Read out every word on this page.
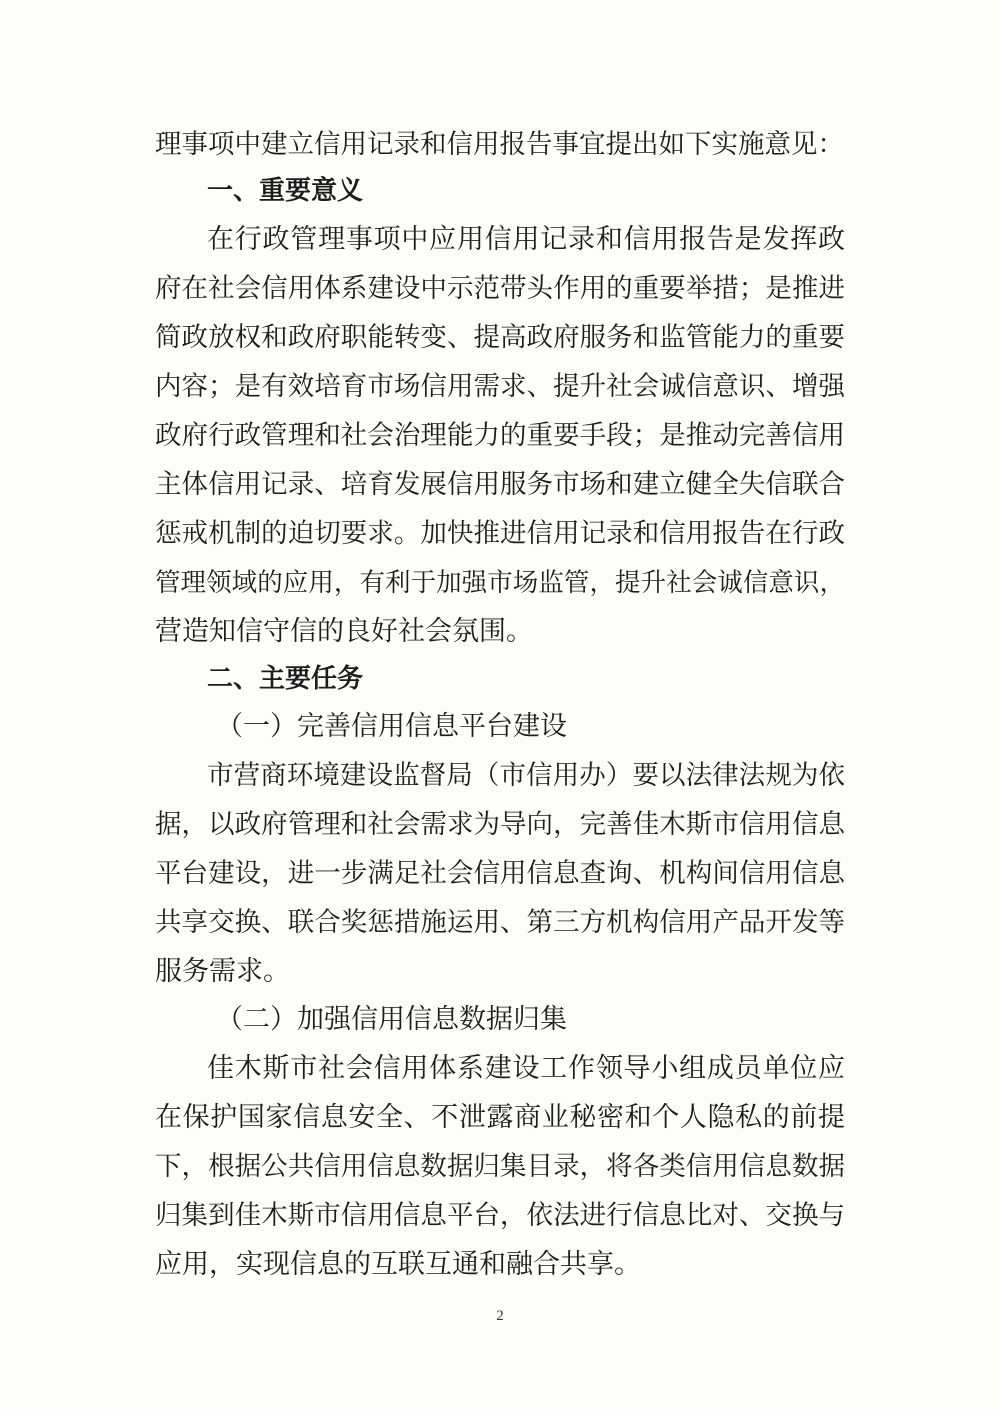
理事项中建立信用记录和信用报告事宜提出如下实施意见：
一、重要意义
在行政管理事项中应用信用记录和信用报告是发挥政
府在社会信用体系建设中示范带头作用的重要举措；是推进
简政放权和政府职能转变、提高政府服务和监管能力的重要
内容；是有效培育市场信用需求、提升社会诚信意识、增强
政府行政管理和社会治理能力的重要手段；是推动完善信用
主体信用记录、培育发展信用服务市场和建立健全失信联合
惩戒机制的迫切要求。加快推进信用记录和信用报告在行政
管理领域的应用，有利于加强市场监管，提升社会诚信意识，
营造知信守信的良好社会氛围。
二、主要任务
（一）完善信用信息平台建设
市营商环境建设监督局（市信用办）要以法律法规为依
据，以政府管理和社会需求为导向，完善佳木斯市信用信息
平台建设，进一步满足社会信用信息查询、机构间信用信息
共享交换、联合奖惩措施运用、第三方机构信用产品开发等
服务需求。
（二）加强信用信息数据归集
佳木斯市社会信用体系建设工作领导小组成员单位应
在保护国家信息安全、不泄露商业秘密和个人隐私的前提
下，根据公共信用信息数据归集目录，将各类信用信息数据
归集到佳木斯市信用信息平台，依法进行信息比对、交换与
应用，实现信息的互联互通和融合共享。
2
